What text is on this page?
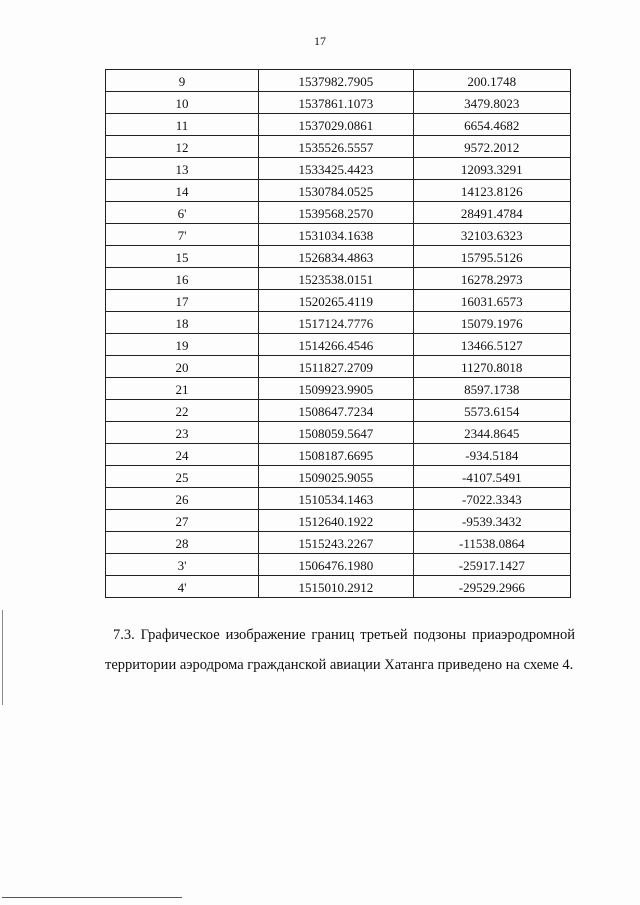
17
9	1537982.7905	200.1748
10	1537861.1073	3479.8023
11	1537029.0861	6654.4682
12	1535526.5557	9572.2012
13	1533425.4423	12093.3291
14	1530784.0525	14123.8126
6'	1539568.2570	28491.4784
7'	1531034.1638	32103.6323
15	1526834.4863	15795.5126
16	1523538.0151	16278.2973
17	1520265.4119	16031.6573
18	1517124.7776	15079.1976
19	1514266.4546	13466.5127
20	1511827.2709	11270.8018
21	1509923.9905	8597.1738
22	1508647.7234	5573.6154
23	1508059.5647	2344.8645
24	1508187.6695	-934.5184
25	1509025.9055	-4107.5491
26	1510534.1463	-7022.3343
27	1512640.1922	-9539.3432
28	1515243.2267	-11538.0864
3'	1506476.1980	-25917.1427
4'	1515010.2912	-29529.2966
7.3. Графическое изображение границ третьей подзоны приаэродромной территории аэродрома гражданской авиации Хатанга приведено на схеме 4.
